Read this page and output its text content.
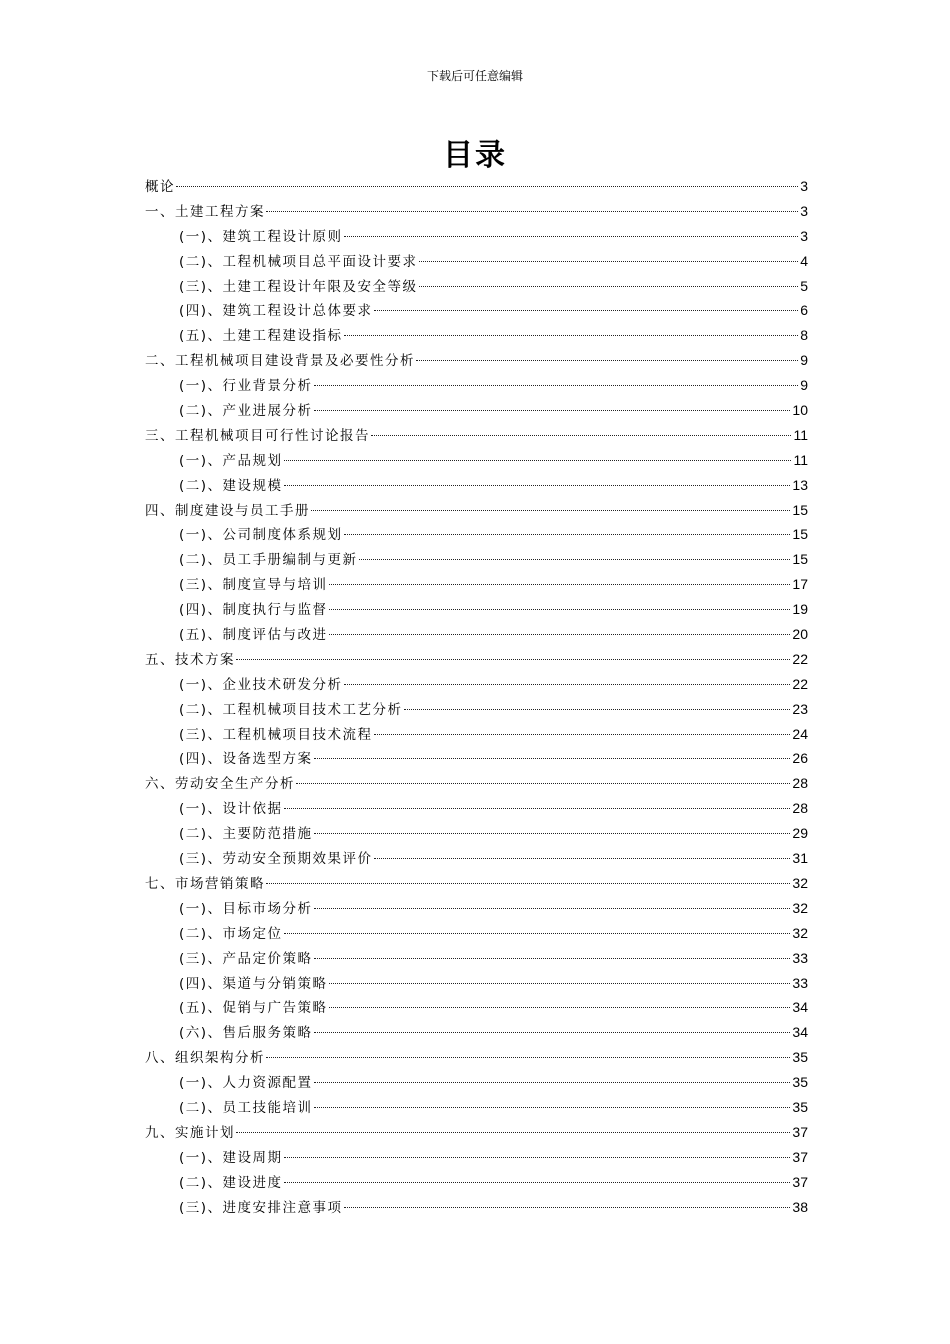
下载后可任意编辑
目录
概论	3
一、土建工程方案	3
(一)、建筑工程设计原则	3
(二)、工程机械项目总平面设计要求	4
(三)、土建工程设计年限及安全等级	5
(四)、建筑工程设计总体要求	6
(五)、土建工程建设指标	8
二、工程机械项目建设背景及必要性分析	9
(一)、行业背景分析	9
(二)、产业进展分析	10
三、工程机械项目可行性讨论报告	11
(一)、产品规划	11
(二)、建设规模	13
四、制度建设与员工手册	15
(一)、公司制度体系规划	15
(二)、员工手册编制与更新	15
(三)、制度宣导与培训	17
(四)、制度执行与监督	19
(五)、制度评估与改进	20
五、技术方案	22
(一)、企业技术研发分析	22
(二)、工程机械项目技术工艺分析	23
(三)、工程机械项目技术流程	24
(四)、设备选型方案	26
六、劳动安全生产分析	28
(一)、设计依据	28
(二)、主要防范措施	29
(三)、劳动安全预期效果评价	31
七、市场营销策略	32
(一)、目标市场分析	32
(二)、市场定位	32
(三)、产品定价策略	33
(四)、渠道与分销策略	33
(五)、促销与广告策略	34
(六)、售后服务策略	34
八、组织架构分析	35
(一)、人力资源配置	35
(二)、员工技能培训	35
九、实施计划	37
(一)、建设周期	37
(二)、建设进度	37
(三)、进度安排注意事项	38
